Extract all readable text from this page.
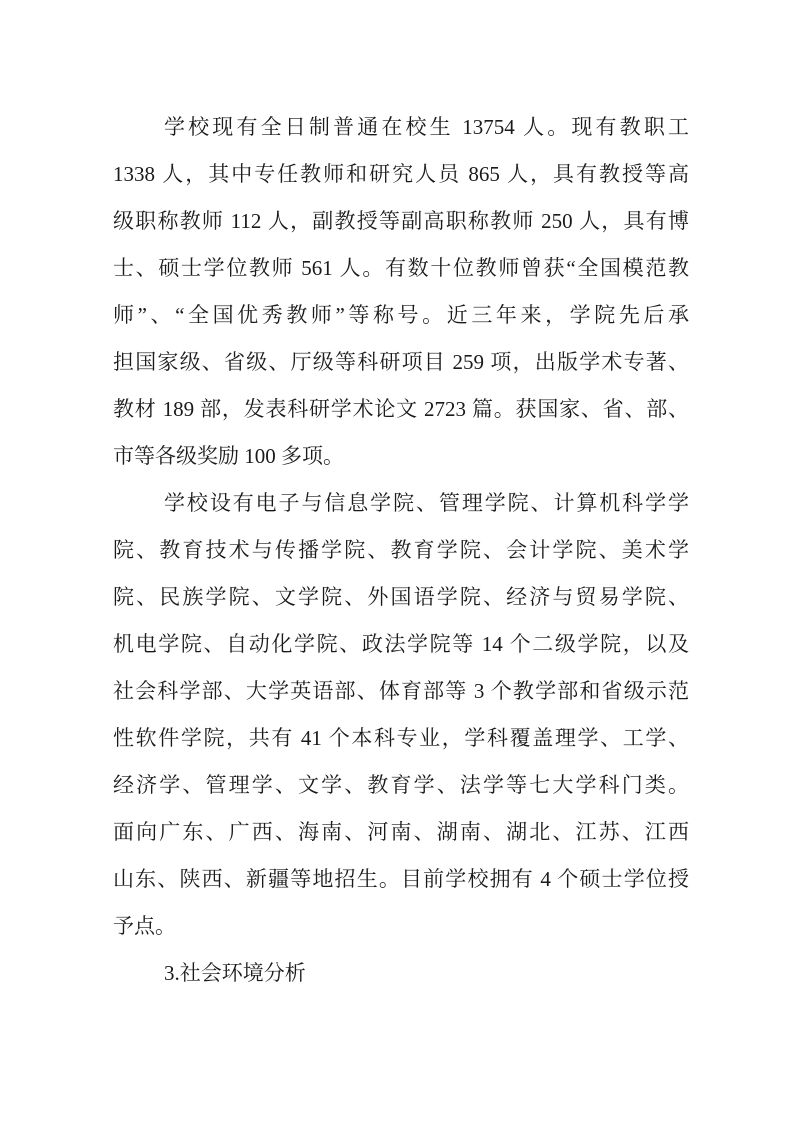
学校现有全日制普通在校生 13754 人。现有教职工
1338 人，其中专任教师和研究人员 865 人，具有教授等高
级职称教师 112 人，副教授等副高职称教师 250 人，具有博
士、硕士学位教师 561 人。有数十位教师曾获“全国模范教
师”、“全国优秀教师”等称号。近三年来，学院先后承
担国家级、省级、厅级等科研项目 259 项，出版学术专著、
教材 189 部，发表科研学术论文 2723 篇。获国家、省、部、
市等各级奖励 100 多项。
学校设有电子与信息学院、管理学院、计算机科学学
院、教育技术与传播学院、教育学院、会计学院、美术学
院、民族学院、文学院、外国语学院、经济与贸易学院、
机电学院、自动化学院、政法学院等 14 个二级学院，以及
社会科学部、大学英语部、体育部等 3 个教学部和省级示范
性软件学院，共有 41 个本科专业，学科覆盖理学、工学、
经济学、管理学、文学、教育学、法学等七大学科门类。
面向广东、广西、海南、河南、湖南、湖北、江苏、江西
山东、陕西、新疆等地招生。目前学校拥有 4 个硕士学位授
予点。
3.社会环境分析
